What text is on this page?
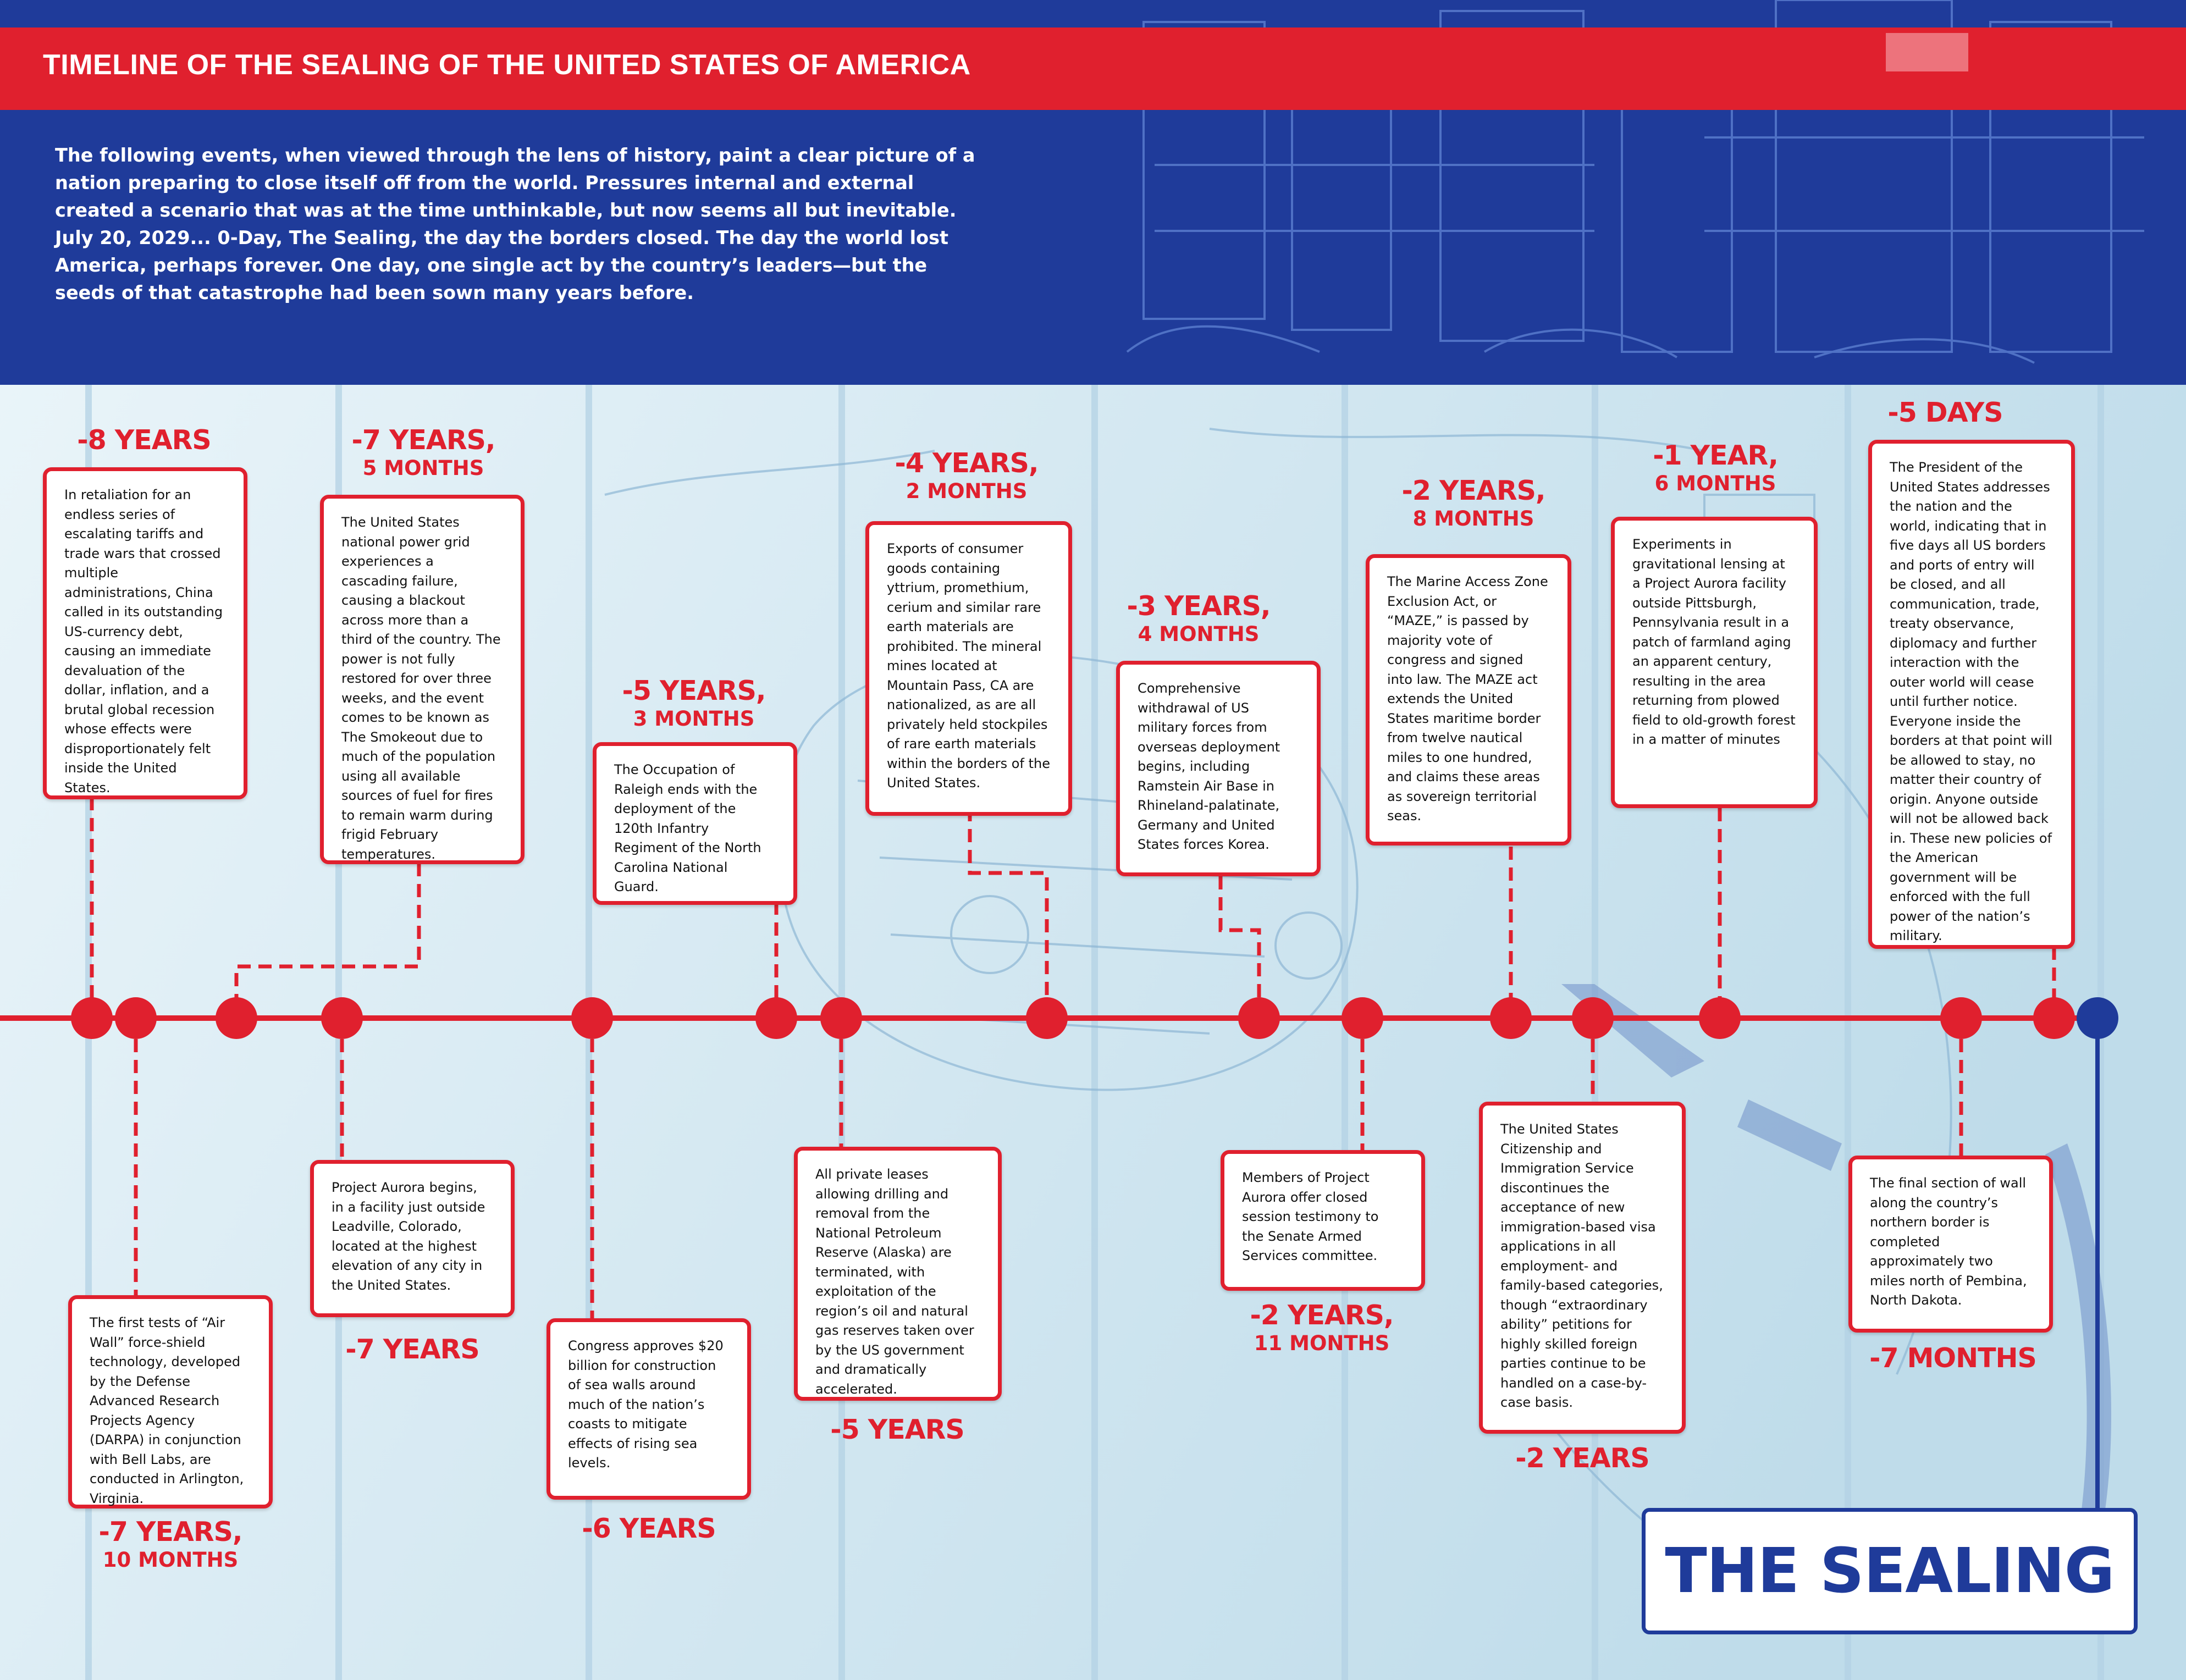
TIMELINE OF THE SEALING OF THE UNITED STATES OF AMERICA

The following events, when viewed through the lens of history, paint a clear picture of a nation preparing to close itself off from the world. Pressures internal and external created a scenario that was at the time unthinkable, but now seems all but inevitable. July 20, 2029... 0-Day, The Sealing, the day the borders closed. The day the world lost America, perhaps forever. One day, one single act by the country’s leaders—but the seeds of that catastrophe had been sown many years before.

-8 YEARS
In retaliation for an endless series of escalating tariffs and trade wars that crossed multiple administrations, China called in its outstanding US-currency debt, causing an immediate devaluation of the dollar, inflation, and a brutal global recession whose effects were disproportionately felt inside the United States.
The first tests of “Air Wall” force-shield technology, developed by the Defense Advanced Research Projects Agency (DARPA) in conjunction with Bell Labs, are conducted in Arlington, Virginia.
-7 YEARS,
10 MONTHS
-7 YEARS,
5 MONTHS
The United States national power grid experiences a cascading failure, causing a blackout across more than a third of the country. The power is not fully restored for over three weeks, and the event comes to be known as The Smokeout due to much of the population using all available sources of fuel for fires to remain warm during frigid February temperatures.
Project Aurora begins, in a facility just outside Leadville, Colorado, located at the highest elevation of any city in the United States.
-7 YEARS	Congress approves $20 billion for construction of sea walls around much of the nation’s coasts to mitigate effects of rising sea levels.
-6 YEARS
-5 YEARS,
3 MONTHS
The Occupation of Raleigh ends with the deployment of the 120th Infantry Regiment of the North Carolina National Guard.
All private leases allowing drilling and removal from the National Petroleum Reserve (Alaska) are terminated, with exploitation of the region’s oil and natural gas reserves taken over by the US government and dramatically accelerated.
-5 YEARS
-4 YEARS,
2 MONTHS
Exports of consumer goods containing yttrium, promethium, cerium and similar rare earth materials are prohibited. The mineral mines located at Mountain Pass, CA are nationalized, as are all privately held stockpiles of rare earth materials within the borders of the United States.
-3 YEARS,
4 MONTHS
Comprehensive withdrawal of US military forces from overseas deployment begins, including Ramstein Air Base in Rhineland-palatinate, Germany and United States forces Korea.
Members of Project Aurora offer closed session testimony to the Senate Armed Services committee.
-2 YEARS,
11 MONTHS
-2 YEARS,
8 MONTHS
The Marine Access Zone Exclusion Act, or “MAZE,” is passed by majority vote of congress and signed into law. The MAZE act extends the United States maritime border from twelve nautical miles to one hundred, and claims these areas as sovereign territorial seas.
The United States Citizenship and Immigration Service discontinues the acceptance of new immigration-based visa applications in all employment- and family-based categories, though “extraordinary ability” petitions for highly skilled foreign parties continue to be handled on a case-by-case basis.
-2 YEARS
-1 YEAR,
6 MONTHS
Experiments in gravitational lensing at a Project Aurora facility outside Pittsburgh, Pennsylvania result in a patch of farmland aging an apparent century, resulting in the area returning from plowed field to old-growth forest in a matter of minutes
The final section of wall along the country’s northern border is completed approximately two miles north of Pembina, North Dakota.
-7 MONTHS
-5 DAYS
The President of the United States addresses the nation and the world, indicating that in five days all US borders and ports of entry will be closed, and all communication, trade, treaty observance, diplomacy and further interaction with the outer world will cease until further notice. Everyone inside the borders at that point will be allowed to stay, no matter their country of origin. Anyone outside will not be allowed back in. These new policies of the American government will be enforced with the full power of the nation’s military.
THE SEALING
